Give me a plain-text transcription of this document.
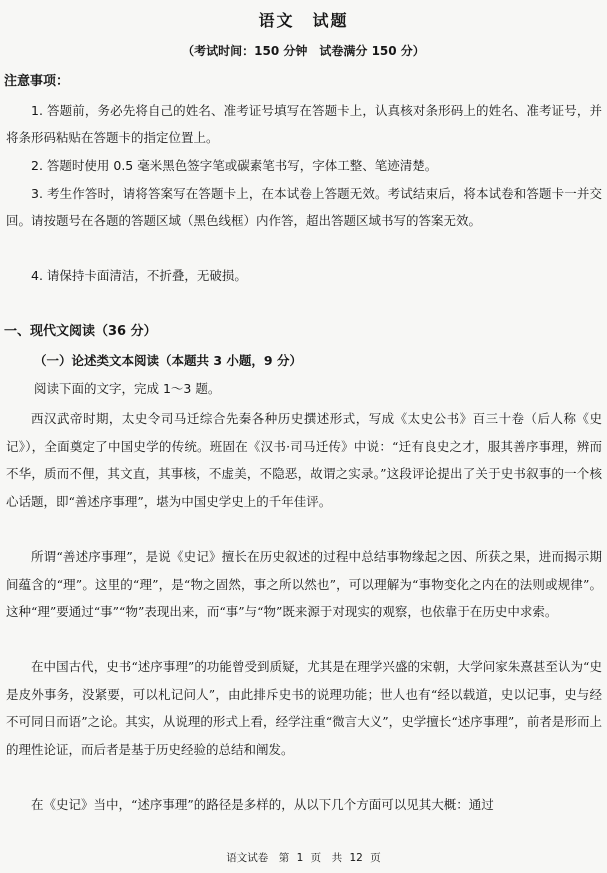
语文　试题
（考试时间：150 分钟　试卷满分 150 分）
注意事项：

1. 答题前，务必先将自己的姓名、准考证号填写在答题卡上，认真核对条形码上的姓名、准考证号，并将条形码粘贴在答题卡的指定位置上。

2. 答题时使用 0.5 毫米黑色签字笔或碳素笔书写，字体工整、笔迹清楚。

3. 考生作答时，请将答案写在答题卡上，在本试卷上答题无效。考试结束后，将本试卷和答题卡一并交回。请按题号在各题的答题区域（黑色线框）内作答，超出答题区域书写的答案无效。

4. 请保持卡面清洁，不折叠，无破损。

一、现代文阅读（36 分）
（一）论述类文本阅读（本题共 3 小题，9 分）
阅读下面的文字，完成 1～3 题。

西汉武帝时期，太史令司马迁综合先秦各种历史撰述形式，写成《太史公书》百三十卷（后人称《史记》），全面奠定了中国史学的传统。班固在《汉书·司马迁传》中说：“迁有良史之才，服其善序事理，辨而不华，质而不俚，其文直，其事核，不虚美，不隐恶，故谓之实录。”这段评论提出了关于史书叙事的一个核心话题，即“善述序事理”，堪为中国史学史上的千年佳评。

所谓“善述序事理”，是说《史记》擅长在历史叙述的过程中总结事物缘起之因、所获之果，进而揭示期间蕴含的“理”。这里的“理”，是“物之固然，事之所以然也”，可以理解为“事物变化之内在的法则或规律”。这种“理”要通过“事”“物”表现出来，而“事”与“物”既来源于对现实的观察，也依靠于在历史中求索。

在中国古代，史书“述序事理”的功能曾受到质疑，尤其是在理学兴盛的宋朝，大学问家朱熹甚至认为“史是皮外事务，没紧要，可以札记问人”，由此排斥史书的说理功能；世人也有“经以载道，史以记事，史与经不可同日而语”之论。其实，从说理的形式上看，经学注重“微言大义”，史学擅长“述序事理”，前者是形而上的理性论证，而后者是基于历史经验的总结和阐发。

在《史记》当中，“述序事理”的路径是多样的，从以下几个方面可以见其大概：通过

语文试卷　第 1 页　共 12 页
